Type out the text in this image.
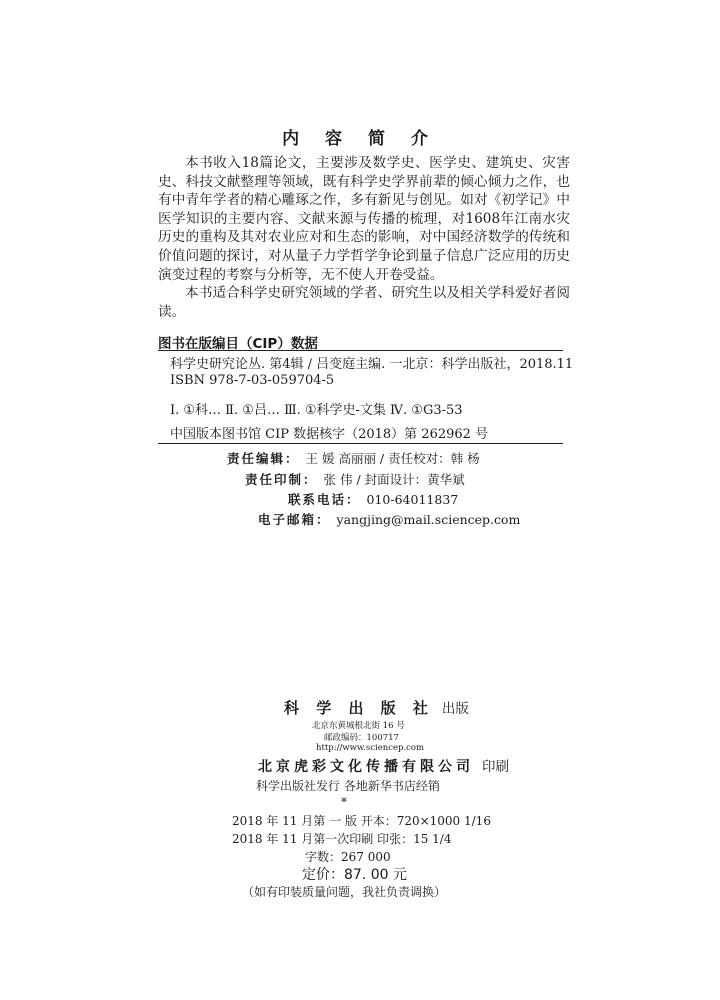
内 容 简 介

本书收入18篇论文，主要涉及数学史、医学史、建筑史、灾害史、科技文献整理等领域，既有科学史学界前辈的倾心倾力之作，也有中青年学者的精心雕琢之作，多有新见与创见。如对《初学记》中医学知识的主要内容、文献来源与传播的梳理，对1608年江南水灾历史的重构及其对农业应对和生态的影响，对中国经济数学的传统和价值问题的探讨，对从量子力学哲学争论到量子信息广泛应用的历史演变过程的考察与分析等，无不使人开卷受益。

本书适合科学史研究领域的学者、研究生以及相关学科爱好者阅读。

图书在版编目（CIP）数据
科学史研究论丛. 第4辑 / 吕变庭主编. 一北京：科学出版社，2018.11
ISBN 978-7-03-059704-5
Ⅰ. ①科… Ⅱ. ①吕… Ⅲ. ①科学史-文集 Ⅳ. ①G3-53
中国版本图书馆 CIP 数据核字（2018）第 262962 号
责任编辑： 王 媛 高丽丽 / 责任校对：韩 杨
责任印制： 张 伟 / 封面设计：黄华斌
联系电话： 010-64011837
电子邮箱： yangjing@mail.sciencep.com
科 学 出 版 社 出版
北京东黄城根北街 16 号
邮政编码：100717
http://www.sciencep.com
北京虎彩文化传播有限公司 印刷
科学出版社发行 各地新华书店经销
*
2018 年 11 月第 一 版 开本：720×1000 1/16
2018 年 11 月第一次印刷 印张：15 1/4
字数：267 000
定价：87. 00 元
（如有印装质量问题，我社负责调换）
